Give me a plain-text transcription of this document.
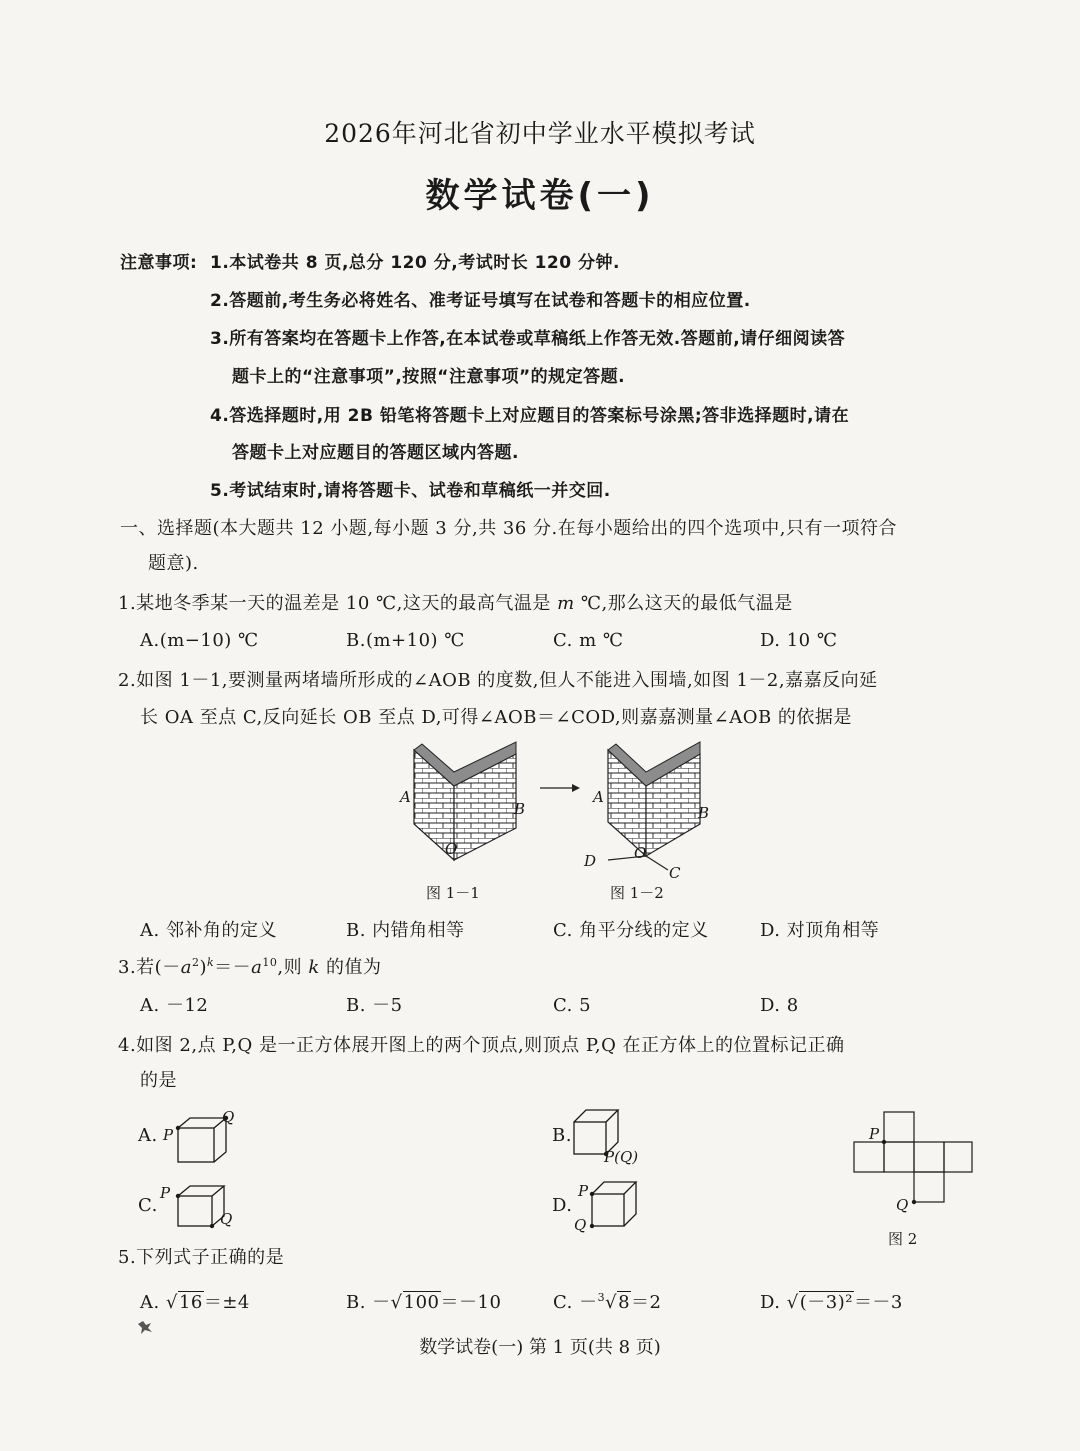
2026年河北省初中学业水平模拟考试
数学试卷(一)
注意事项: 1.本试卷共 8 页,总分 120 分,考试时长 120 分钟.
2.答题前,考生务必将姓名、准考证号填写在试卷和答题卡的相应位置.
3.所有答案均在答题卡上作答,在本试卷或草稿纸上作答无效.答题前,请仔细阅读答
题卡上的“注意事项”,按照“注意事项”的规定答题.
4.答选择题时,用 2B 铅笔将答题卡上对应题目的答案标号涂黑;答非选择题时,请在
答题卡上对应题目的答题区域内答题.
5.考试结束时,请将答题卡、试卷和草稿纸一并交回.
一、选择题(本大题共 12 小题,每小题 3 分,共 36 分.在每小题给出的四个选项中,只有一项符合
题意).
1.某地冬季某一天的温差是 10 ℃,这天的最高气温是 m ℃,那么这天的最低气温是
A.(m−10) ℃	B.(m+10) ℃	C. m ℃	D. 10 ℃
2.如图 1－1,要测量两堵墙所形成的∠AOB 的度数,但人不能进入围墙,如图 1－2,嘉嘉反向延
长 OA 至点 C,反向延长 OB 至点 D,可得∠AOB＝∠COD,则嘉嘉测量∠AOB 的依据是
A
B
O
A
B
O
C
D
图 1－1	图 1－2
A. 邻补角的定义	B. 内错角相等	C. 角平分线的定义	D. 对顶角相等
3.若$(-a^2)^k=-a^{10}$,则 k 的值为
A. －12	B. －5	C. 5	D. 8
4.如图 2,点 P,Q 是一正方体展开图上的两个顶点,则顶点 P,Q 在正方体上的位置标记正确
的是
A. P
Q
B.
P(Q)
C.
P
Q
D.
P
Q
P
Q
图 2
5.下列式子正确的是
A. √16＝±4	B. －√100＝－10	C. －$^3$√8＝2	D. √(－3)²＝－3
数学试卷(一) 第 1 页(共 8 页)
